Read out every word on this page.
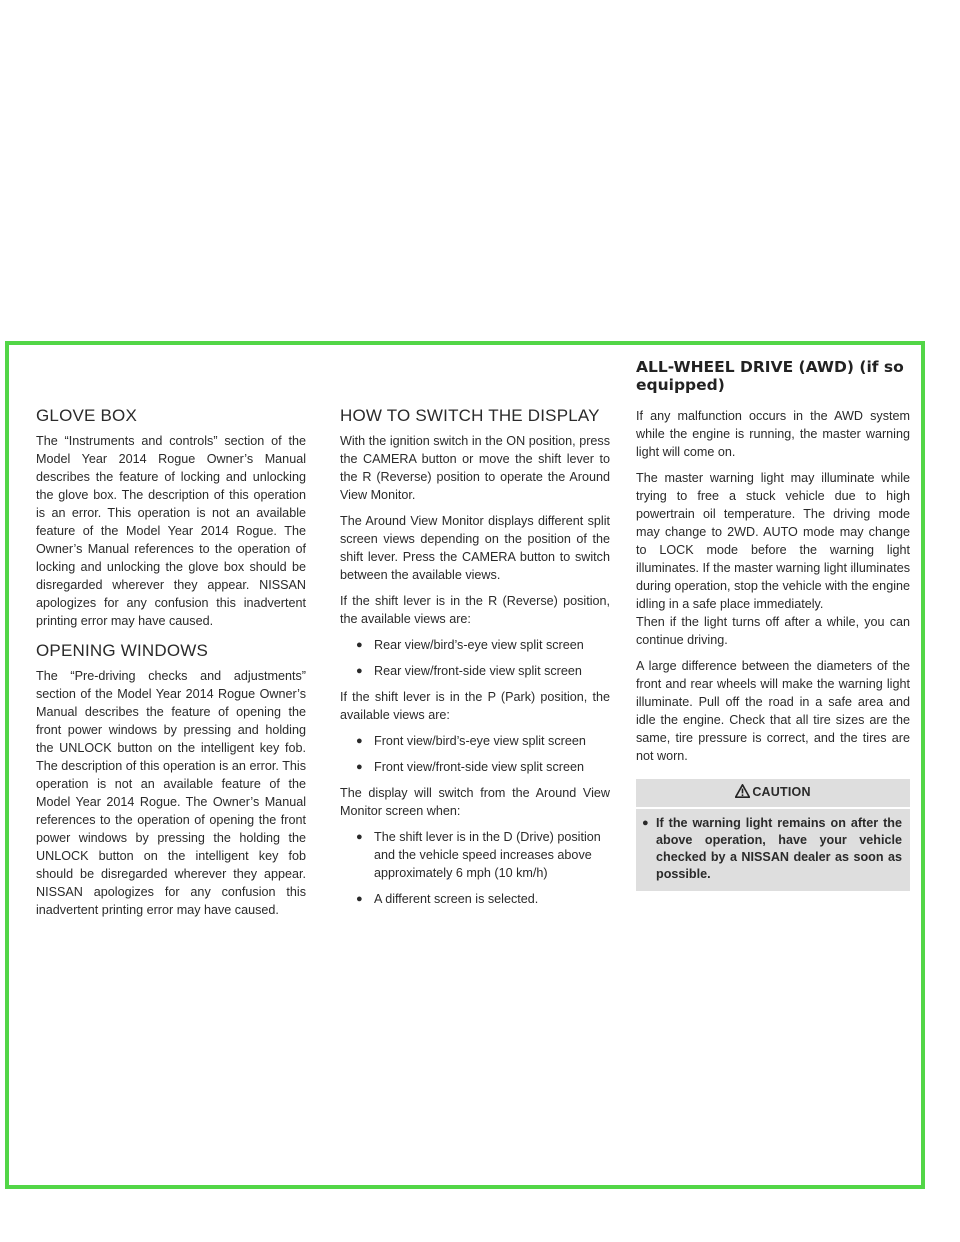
ALL-WHEEL DRIVE (AWD) (if so
equipped)
GLOVE BOX

The “Instruments and controls” section of the Model Year 2014 Rogue Owner’s Manual describes the feature of locking and unlocking the glove box. The description of this operation is an error. This operation is not an available feature of the Model Year 2014 Rogue. The Owner’s Manual references to the operation of locking and unlocking the glove box should be disregarded wherever they appear. NISSAN apologizes for any confusion this inadvertent printing error may have caused.

OPENING WINDOWS

The “Pre-driving checks and adjustments” section of the Model Year 2014 Rogue Owner’s Manual describes the feature of opening the front power windows by pressing and holding the UNLOCK button on the intelligent key fob. The description of this operation is an error. This operation is not an available feature of the Model Year 2014 Rogue. The Owner’s Manual references to the operation of opening the front power windows by pressing the holding the UNLOCK button on the intelligent key fob should be disregarded wherever they appear. NISSAN apologizes for any confusion this inadvertent printing error may have caused.

HOW TO SWITCH THE DISPLAY

With the ignition switch in the ON position, press the CAMERA button or move the shift lever to the R (Reverse) position to operate the Around View Monitor.

The Around View Monitor displays different split screen views depending on the position of the shift lever. Press the CAMERA button to switch between the available views.

If the shift lever is in the R (Reverse) position, the available views are:

● Rear view/bird’s-eye view split screen
● Rear view/front-side view split screen

If the shift lever is in the P (Park) position, the available views are:

● Front view/bird’s-eye view split screen
● Front view/front-side view split screen

The display will switch from the Around View Monitor screen when:

● The shift lever is in the D (Drive) position and the vehicle speed increases above approximately 6 mph (10 km/h)
● A different screen is selected.

If any malfunction occurs in the AWD system while the engine is running, the master warning light will come on.

The master warning light may illuminate while trying to free a stuck vehicle due to high powertrain oil temperature. The driving mode may change to 2WD. AUTO mode may change to LOCK mode before the warning light illuminates. If the master warning light illuminates during operation, stop the vehicle with the engine idling in a safe place immediately.

Then if the light turns off after a while, you can continue driving.

A large difference between the diameters of the front and rear wheels will make the warning light illuminate. Pull off the road in a safe area and idle the engine. Check that all tire sizes are the same, tire pressure is correct, and the tires are not worn.

CAUTION
● If the warning light remains on after the above operation, have your vehicle checked by a NISSAN dealer as soon as possible.
